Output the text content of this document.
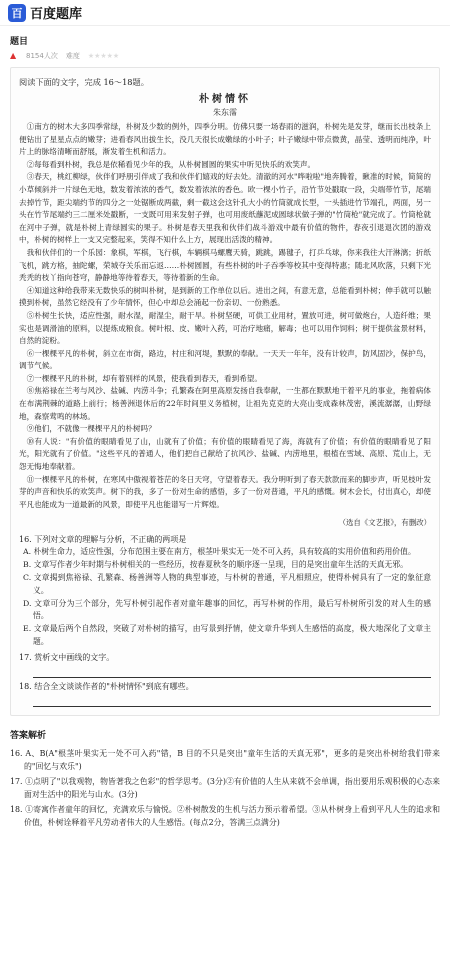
百 百度题库
题目
▲ 8154人次 难度 ★★★★★
阅读下面的文字，完成 16～18题。
朴树情怀
朱东霈

①南方的树木大多四季常绿，朴树及少数的例外，四季分明。仿佛只要一场春雨的滋润，朴树先是发芽，继而长出枝条上便钻出了星星点点的嫩芽；进看春风出拔生长，没几天很长成嫩绿的小叶子；叶子嫩绿中带点微黄，晶莹、透明而纯净，叶片上的脉络清晰而舒展，渐发着生机和活力。

②每每看到朴树，我总是依稀看见少年的我，从朴树圆圆的果实中听见快乐的欢笑声。

③春天，桃红柳绿，伙伴们呼朋引伴成了我和伙伴们嬉戏的好去处。清澈的河水"哗啦啦"地奔腾着，瞅准的时候，简简的小草倾斜并一片绿色无地，数发着浓浓的香气，数发着浓浓的香色。欧一棵小竹子，沿竹节处戳取一段，尖端带竹节，尾端去掉竹节，距尖端约节的四分之一处锯断成两截，剩一截这会这针孔大小的竹筒就成长型，一头插进竹节端孔，两面，另一头在竹节尾端约三二厘米处戳断，一支既可用来发射子弹，也可用废纸蘸泥成圆球状做子弹的"竹筒枪"就完成了。竹筒枪就在河中子弹，就是朴树上青绿圆实的果子。朴树是春天里我和伙伴们战斗游戏中最有价值的物件，春夜引退退次团的游戏中，朴树的树样上一支又完整起来，笑得不知什么上方，展现出活泼的精神。

我和伙伴们的一个乐园：象棋，军棋，飞行棋，车辆棋马螺鹰天骑，跳跳，踢毽子，打乒乓球，你来我往大汗淋漓；折纸飞机，跳方格，抽陀螺，荣城夺关乐而忘返……朴树圆圆，有些朴树的叶子吞季等校其中变得特惠；随北风吹落，只剩下光秃秃的枝丫指向苍穹，静静地等待着春天，等待着新的生命。

④知道这种给我带来无数快乐的树叫朴树，是到新的工作单位以后。进出之间，有意无意，总能看到朴树；伸手就可以触摸到朴树，虽然它经没有了少年情怀，但心中却总会涌起一份亲切、一份熟悉。

⑤朴树生长快，适应性强，耐水湿，耐湿尘，耐干旱。朴树坚硬，可供工业用材，置放可进，树可做炮台，人造纤维；果实也是调滑油的原料，以提炼成粮食。树叶根、皮、嫩叶入药，可治疗地痛，解毒；也可以用作饲料；树干提供盆景材料，自然的淀粉。

⑥一棵棵平凡的朴树，斜立在市街，路边，村庄和河堤，默默的奉献。一天天一年年，没有计较声，防风固沙，保护鸟，调节气候。

⑦一棵棵平凡的朴树，却有着别样的风景，使我看到春天，看到希望。

⑧焦裕禄在兰考与风沙、盐碱、内涝斗争；孔繁森在阿里高原发扬自我奉献，一生都在默默地干着平凡的事业，拖着病体在布满荆棘的道路上前行；杨善洲退休后的22年时间里义务植树，让祖先克克的大亮山变成森林茂密，溪流潺潺，山野绿地，森察莺鸣的林场。

⑨他们，不就像一棵棵平凡的朴树吗？

⑩有人说："有价值的眼睛看见了山，山就有了价值；有价值的眼睛看见了海，海就有了价值；有价值的眼睛看见了阳光，阳光就有了价值。"这些平凡的普通人，他们把自己献给了抗风沙、盐碱、内涝地里，根植在雪域、高原、荒山上，无怨无悔地奉献着。

⑪一棵棵平凡的朴树，在寒风中傲视着苍茫的冬日天穹，守望着春天。我分明听到了春天款款而来的脚步声，听见枝叶发芽的声音和快乐的欢笑声。树下的我，多了一份对生命的感悟，多了一份对普通，平凡的感慨。树木会长，付出真心，却使平凡也能成为一道最新的风景，即使平凡也能谱写一片辉煌。

（选自《文艺报》，有删改）
16. 下列对文章的理解与分析，不正确的两项是
A. 朴树生命力，适应性强，分布范围主要在南方，根茎叶果实无一处不可入药，具有较高的实用价值和药用价值。
B. 文章写作者少年时期与朴树相关的一些经历，按春夏秋冬的顺序逐一呈现，目的是突出童年生活的天真无邪。
C. 文章揭到焦裕禄、孔繁森、杨善洲等人物的典型事迹，与朴树的普通，平凡相照应，使得朴树具有了一定的象征意义。
D. 文章可分为三个部分，先写朴树引起作者对童年趣事的回忆，再写朴树的作用，最后写朴树所引发的对人生的感悟。
E. 文章最后两个自然段，突破了对朴树的描写，由写景到抒情，使文章升华到人生感悟的高度，极大地深化了文章主题。
17. 赏析文中画线的文字。
18. 结合全文谈谈作者的"朴树情怀"到底有哪些。
答案解析
16. A、B(A"根茎叶果实无一处不可入药"错，B 目的不只是突出"童年生活的天真无邪"，更多的是突出朴树给我们带来的"回忆与欢乐")
17. ①点明了"以我观物，物皆著我之色彩"的哲学思考。(3分)②有价值的人生从来就不会单调，指出要用乐观积极的心态来面对生活中的阳光与山水。(3分)
18. ①寄寓作者童年的回忆，充满欢乐与愉悦。②朴树散发的生机与活力预示着希望。③从朴树身上看到平凡人生的追求和价值，朴树诠释着平凡劳动者伟大的人生感悟。(每点2分，答满三点满分)
